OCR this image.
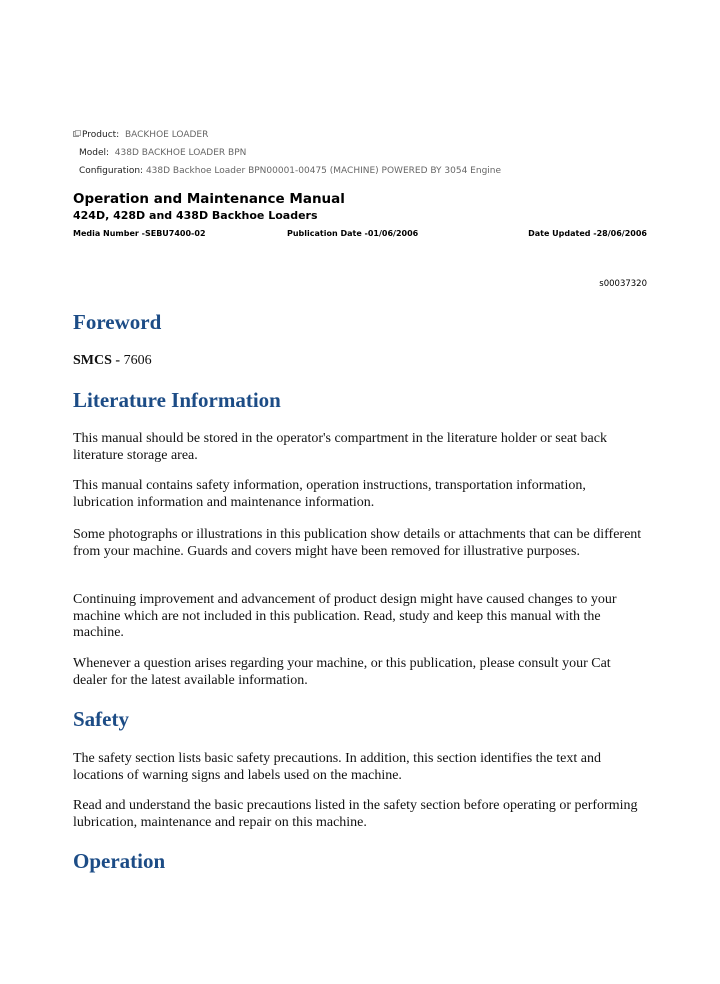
Product: BACKHOE LOADER
Model: 438D BACKHOE LOADER BPN
Configuration: 438D Backhoe Loader BPN00001-00475 (MACHINE) POWERED BY 3054 Engine
Operation and Maintenance Manual
424D, 428D and 438D Backhoe Loaders
Media Number -SEBU7400-02	Publication Date -01/06/2006	Date Updated -28/06/2006
s00037320
Foreword
SMCS - 7606
Literature Information
This manual should be stored in the operator's compartment in the literature holder or seat back literature storage area.
This manual contains safety information, operation instructions, transportation information, lubrication information and maintenance information.
Some photographs or illustrations in this publication show details or attachments that can be different from your machine. Guards and covers might have been removed for illustrative purposes.
Continuing improvement and advancement of product design might have caused changes to your machine which are not included in this publication. Read, study and keep this manual with the machine.
Whenever a question arises regarding your machine, or this publication, please consult your Cat dealer for the latest available information.
Safety
The safety section lists basic safety precautions. In addition, this section identifies the text and locations of warning signs and labels used on the machine.
Read and understand the basic precautions listed in the safety section before operating or performing lubrication, maintenance and repair on this machine.
Operation
